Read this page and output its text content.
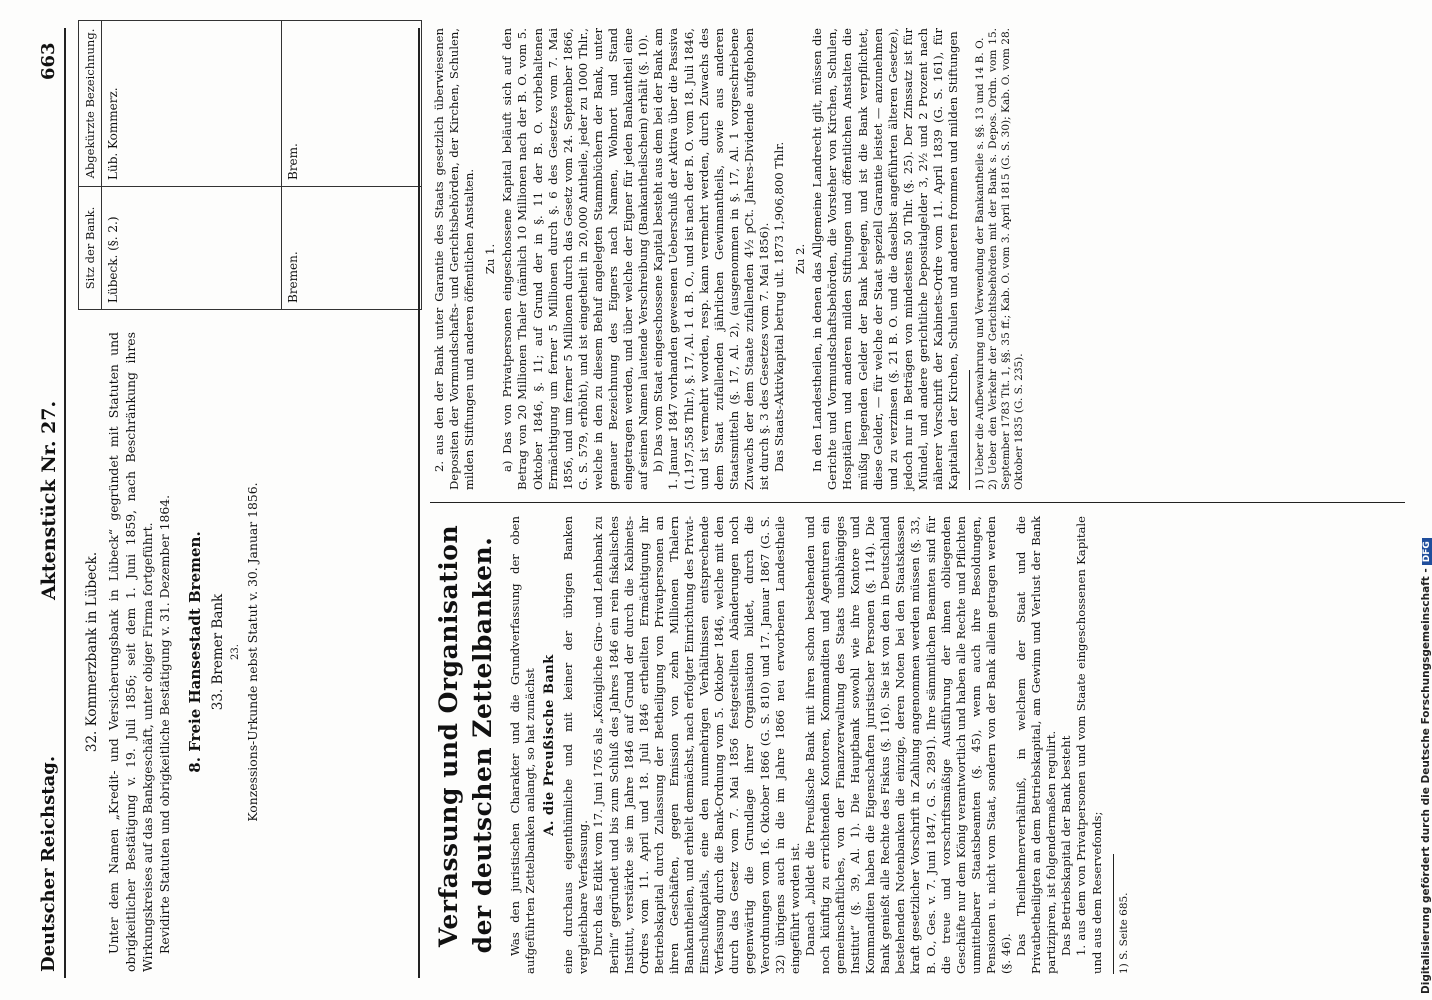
Deutscher Reichstag.
Aktenstück Nr. 27.
663

32. Kommerzbank in Lübeck. Unter dem Namen „Kredit- und Versicherungsbank in Lübeck“ gegründet mit Statuten und obrigkeitlicher Bestätigung v. 19. Juli 1856; seit dem 1. Juni 1859, nach Beschränkung ihres Wirkungskreises auf das Bankgeschäft, unter obiger Firma fortgeführt. Revidirte Statuten und obrigkeitliche Bestätigung v. 31. Dezember 1864. 8. Freie Hansestadt Bremen. 33. Bremer Bank 23. Konzessions-Urkunde nebst Statut v. 30. Januar 1856.

Sitz der Bank.	Abgekürzte Bezeichnung.
Lübeck. (§. 2.)	Lüb. Kommerz.
Bremen.	Brem.

Verfassung und Organisation der deutschen Zettelbanken. Was den juristischen Charakter und die Grundverfassung der oben aufgeführten Zettelbanken anlangt, so hat zunächst A. die Preußische Bank eine durchaus eigenthümliche und mit keiner der übrigen Banken vergleichbare Verfassung. Durch das Edikt vom 17. Juni 1765 als „Königliche Giro- und Lehnbank zu Berlin“ gegründet und bis zum Schluß des Jahres 1846 ein rein fiskalisches Institut, verstärkte sie im Jahre 1846 auf Grund der durch die Kabinets-Ordres vom 11. April und 18. Juli 1846 ertheilten Ermächtigung ihr Betriebskapital durch Zulassung der Betheiligung von Privatpersonen an ihren Geschäften, gegen Emission von zehn Millionen Thalern Bankantheilen, und erhielt demnächst, nach erfolgter Einrichtung des Privat-Einschußkapitals, eine den nunmehrigen Verhältnissen entsprechende Verfassung durch die Bank-Ordnung vom 5. Oktober 1846, welche mit den durch das Gesetz vom 7. Mai 1856 festgestellten Abänderungen noch gegenwärtig die Grundlage ihrer Organisation bildet, durch die Verordnungen vom 16. Oktober 1866 (G. S. 810) und 17. Januar 1867 (G. S. 32) übrigens auch in die im Jahre 1866 neu erworbenen Landestheile eingeführt worden ist. Danach „bildet die Preußische Bank mit ihren schon bestehenden und noch künftig zu errichtenden Kontoren, Kommanditen und Agenturen ein gemeinschaftliches, von der Finanzverwaltung des Staats unabhängiges Institut“ (§. 39, Al. 1). Die Hauptbank sowohl wie ihre Kontore und Kommanditen haben die Eigenschaften juristischer Personen (§. 114). Die Bank genießt alle Rechte des Fiskus (§. 116). Sie ist von den in Deutschland bestehenden Notenbanken die einzige, deren Noten bei den Staatskassen kraft gesetzlicher Vorschrift in Zahlung angenommen werden müssen (§. 33, B. O., Ges. v. 7. Juni 1847, G. S. 2891). Ihre sämmtlichen Beamten sind für die treue und vorschriftsmäßige Ausführung der ihnen obliegenden Geschäfte nur dem König verantwortlich und haben alle Rechte und Pflichten unmittelbarer Staatsbeamten (§. 45), wenn auch ihre Besoldungen, Pensionen u. nicht vom Staat, sondern von der Bank allein getragen werden (§. 46). Das Theilnehmerverhältniß, in welchem der Staat und die Privatbetheiligten an dem Betriebskapital, am Gewinn und Verlust der Bank partizipiren, ist folgendermaßen regulirt. Das Betriebskapital der Bank besteht 1. aus dem von Privatpersonen und vom Staate eingeschossenen Kapitale und aus dem Reservefonds; 1) S. Seite 685.

2. aus den der Bank unter Garantie des Staats gesetzlich überwiesenen Depositen der Vormundschafts- und Gerichtsbehörden, der Kirchen, Schulen, milden Stiftungen und anderen öffentlichen Anstalten. Zu 1. a) Das von Privatpersonen eingeschossene Kapital beläuft sich auf den Betrag von 20 Millionen Thaler (nämlich 10 Millionen nach der B. O. vom 5. Oktober 1846, §. 11; auf Grund der in §. 11 der B. O. vorbehaltenen Ermächtigung um ferner 5 Millionen durch §. 6 des Gesetzes vom 7. Mai 1856, und um ferner 5 Millionen durch das Gesetz vom 24. September 1866, G. S. 579, erhöht), und ist eingetheilt in 20,000 Antheile, jeder zu 1000 Thlr., welche in den zu diesem Behuf angelegten Stammbüchern der Bank, unter genauer Bezeichnung des Eigners nach Namen, Wohnort und Stand eingetragen werden, und über welche der Eigner für jeden Bankantheil eine auf seinen Namen lautende Verschreibung (Bankantheilschein) erhält (§. 10). b) Das vom Staat eingeschossene Kapital besteht aus dem bei der Bank am 1. Januar 1847 vorhanden gewesenen Ueberschuß der Aktiva über die Passiva (1,197,558 Thlr.), §. 17, Al. 1 d. B. O., und ist nach der B. O. vom 18. Juli 1846, und ist vermehrt worden, resp. kann vermehrt werden, durch Zuwachs des dem Staat zufallenden jährlichen Gewinnantheils, sowie aus anderen Staatsmitteln (§. 17, Al. 2), (ausgenommen in §. 17, Al. 1 vorgeschriebene Zuwachs der dem Staate zufallenden 4½ pCt. Jahres-Dividende aufgehoben ist durch §. 3 des Gesetzes vom 7. Mai 1856). Das Staats-Aktivkapital betrug ult. 1873 1,906,800 Thlr. Zu 2. In den Landestheilen, in denen das Allgemeine Landrecht gilt, müssen die Gerichte und Vormundschaftsbehörden, die Vorsteher von Kirchen, Schulen, Hospitälern und anderen milden Stiftungen und öffentlichen Anstalten die müßig liegenden Gelder der Bank belegen, und ist die Bank verpflichtet, diese Gelder, — für welche der Staat speziell Garantie leistet — anzunehmen und zu verzinsen (§. 21 B. O. und die daselbst angeführten älteren Gesetze), jedoch nur in Beträgen von mindestens 50 Thlr. (§. 25). Der Zinssatz ist für Mündel, und andere gerichtliche Depositalgelder 3, 2½ und 2 Prozent nach näherer Vorschrift der Kabinets-Ordre vom 11. April 1839 (G. S. 161), für Kapitalien der Kirchen, Schulen und anderen frommen und milden Stiftungen 1) Ueber die Aufbewahrung und Verwendung der Bankantheile s. §§. 13 und 14 B. O. 2) Ueber den Verkehr der Gerichtsbehörden mit der Bank s. Depos. Ordn. vom 15. September 1783 Tit. 1, §§. 35 ff.; Kab. O. vom 3. April 1815 (G. S. 30); Kab. O. vom 28. Oktober 1835 (G. S. 235).

Digitalisierung gefördert durch die Deutsche Forschungsgemeinschaft -DFG
